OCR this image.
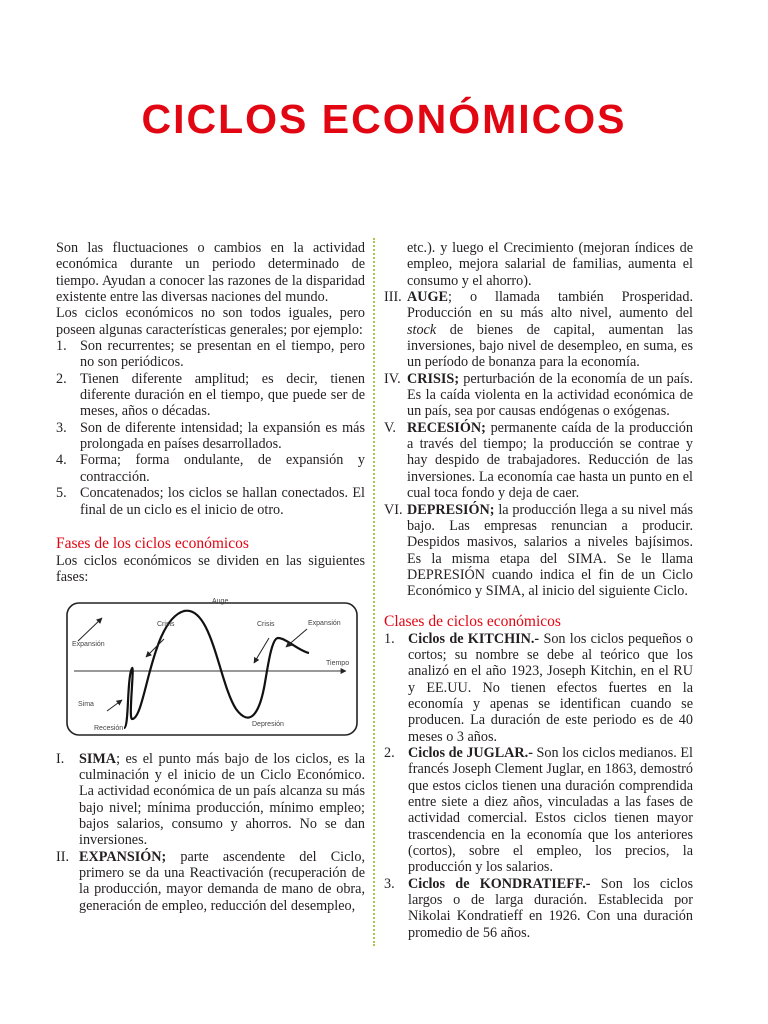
CICLOS ECONÓMICOS

Son las fluctuaciones o cambios en la actividad económica durante un periodo determinado de tiempo. Ayudan a conocer las razones de la disparidad existente entre las diversas naciones del mundo.

Los ciclos económicos no son todos iguales, pero poseen algunas características generales; por ejemplo:

1. Son recurrentes; se presentan en el tiempo, pero no son periódicos.
2. Tienen diferente amplitud; es decir, tienen diferente duración en el tiempo, que puede ser de meses, años o décadas.
3. Son de diferente intensidad; la expansión es más prolongada en países desarrollados.
4. Forma; forma ondulante, de expansión y contracción.
5. Concatenados; los ciclos se hallan conectados. El final de un ciclo es el inicio de otro.
Fases de los ciclos económicos

Los ciclos económicos se dividen en las siguientes fases:

Auge
Crisis	Crisis	Expansión
Expansión
Tiempo
Sima
Recesión
Depresión
I.	SIMA; es el punto más bajo de los ciclos, es la culminación y el inicio de un Ciclo Económico. La actividad económica de un país alcanza su más bajo nivel; mínima producción, mínimo empleo; bajos salarios, consumo y ahorros. No se dan inversiones.
II. EXPANSIÓN; parte ascendente del Ciclo, primero se da una Reactivación (recuperación de la producción, mayor demanda de mano de obra, generación de empleo, reducción del desempleo,
etc.). y luego el Crecimiento (mejoran índices de empleo, mejora salarial de familias, aumenta el consumo y el ahorro).
III. AUGE; o llamada también Prosperidad. Producción en su más alto nivel, aumento del stock de bienes de capital, aumentan las inversiones, bajo nivel de desempleo, en suma, es un período de bonanza para la economía.
IV. CRISIS; perturbación de la economía de un país. Es la caída violenta en la actividad económica de un país, sea por causas endógenas o exógenas.
V. RECESIÓN; permanente caída de la producción a través del tiempo; la producción se contrae y hay despido de trabajadores. Reducción de las inversiones. La economía cae hasta un punto en el cual toca fondo y deja de caer.
VI. DEPRESIÓN; la producción llega a su nivel más bajo. Las empresas renuncian a producir. Despidos masivos, salarios a niveles bajísimos. Es la misma etapa del SIMA. Se le llama DEPRESIÓN cuando indica el fin de un Ciclo Económico y SIMA, al inicio del siguiente Ciclo.
Clases de ciclos económicos
1. Ciclos de KITCHIN.- Son los ciclos pequeños o cortos; su nombre se debe al teórico que los analizó en el año 1923, Joseph Kitchin, en el RU y EE.UU. No tienen efectos fuertes en la economía y apenas se identifican cuando se producen. La duración de este periodo es de 40 meses o 3 años.
2. Ciclos de JUGLAR.- Son los ciclos medianos. El francés Joseph Clement Juglar, en 1863, demostró que estos ciclos tienen una duración comprendida entre siete a diez años, vinculadas a las fases de actividad comercial. Estos ciclos tienen mayor trascendencia en la economía que los anteriores (cortos), sobre el empleo, los precios, la producción y los salarios.
3. Ciclos de KONDRATIEFF.- Son los ciclos largos o de larga duración. Establecida por Nikolai Kondratieff en 1926. Con una duración promedio de 56 años.
